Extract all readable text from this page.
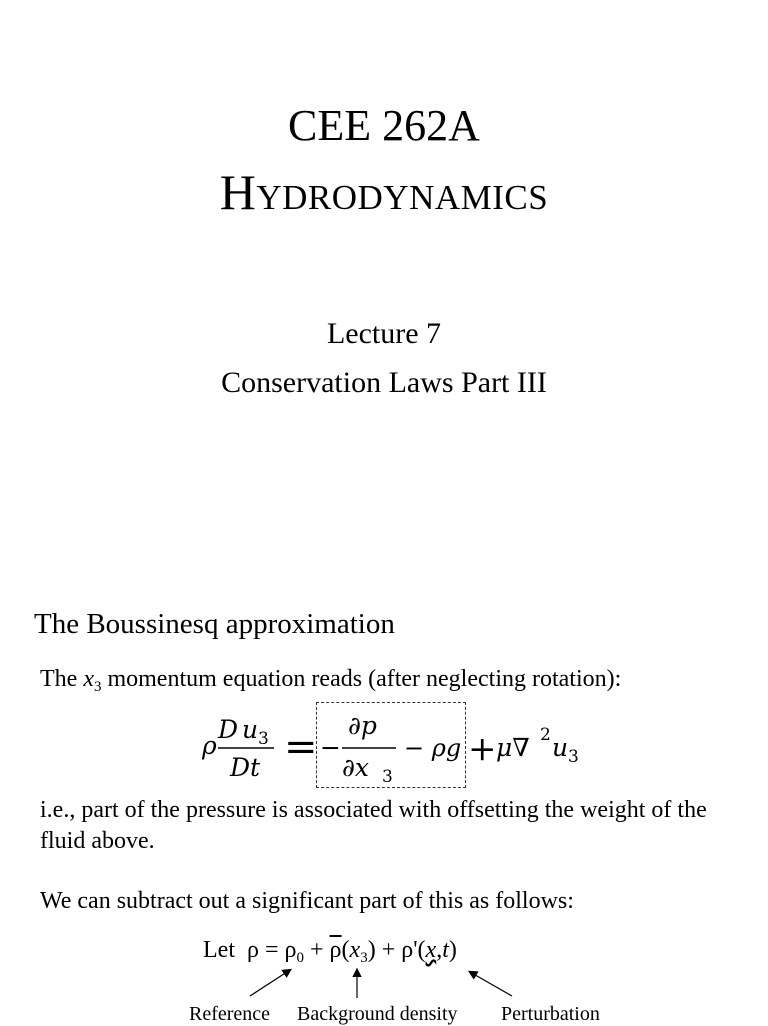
CEE 262A
Hydrodynamics
Lecture 7
Conservation Laws Part III
The Boussinesq approximation
The $x_3$ momentum equation reads (after neglecting rotation):
ρ
D u 3
Dt = −
∂p
∂x 3
− ρg + μ∇ 2 u 3
i.e., part of the pressure is associated with offsetting the weight of the fluid above.
We can subtract out a significant part of this as follows:
Let $\rho = \rho_0 + \overline{\rho}(x_3) + \rho'(x,t)$
Reference Background density Perturbation
